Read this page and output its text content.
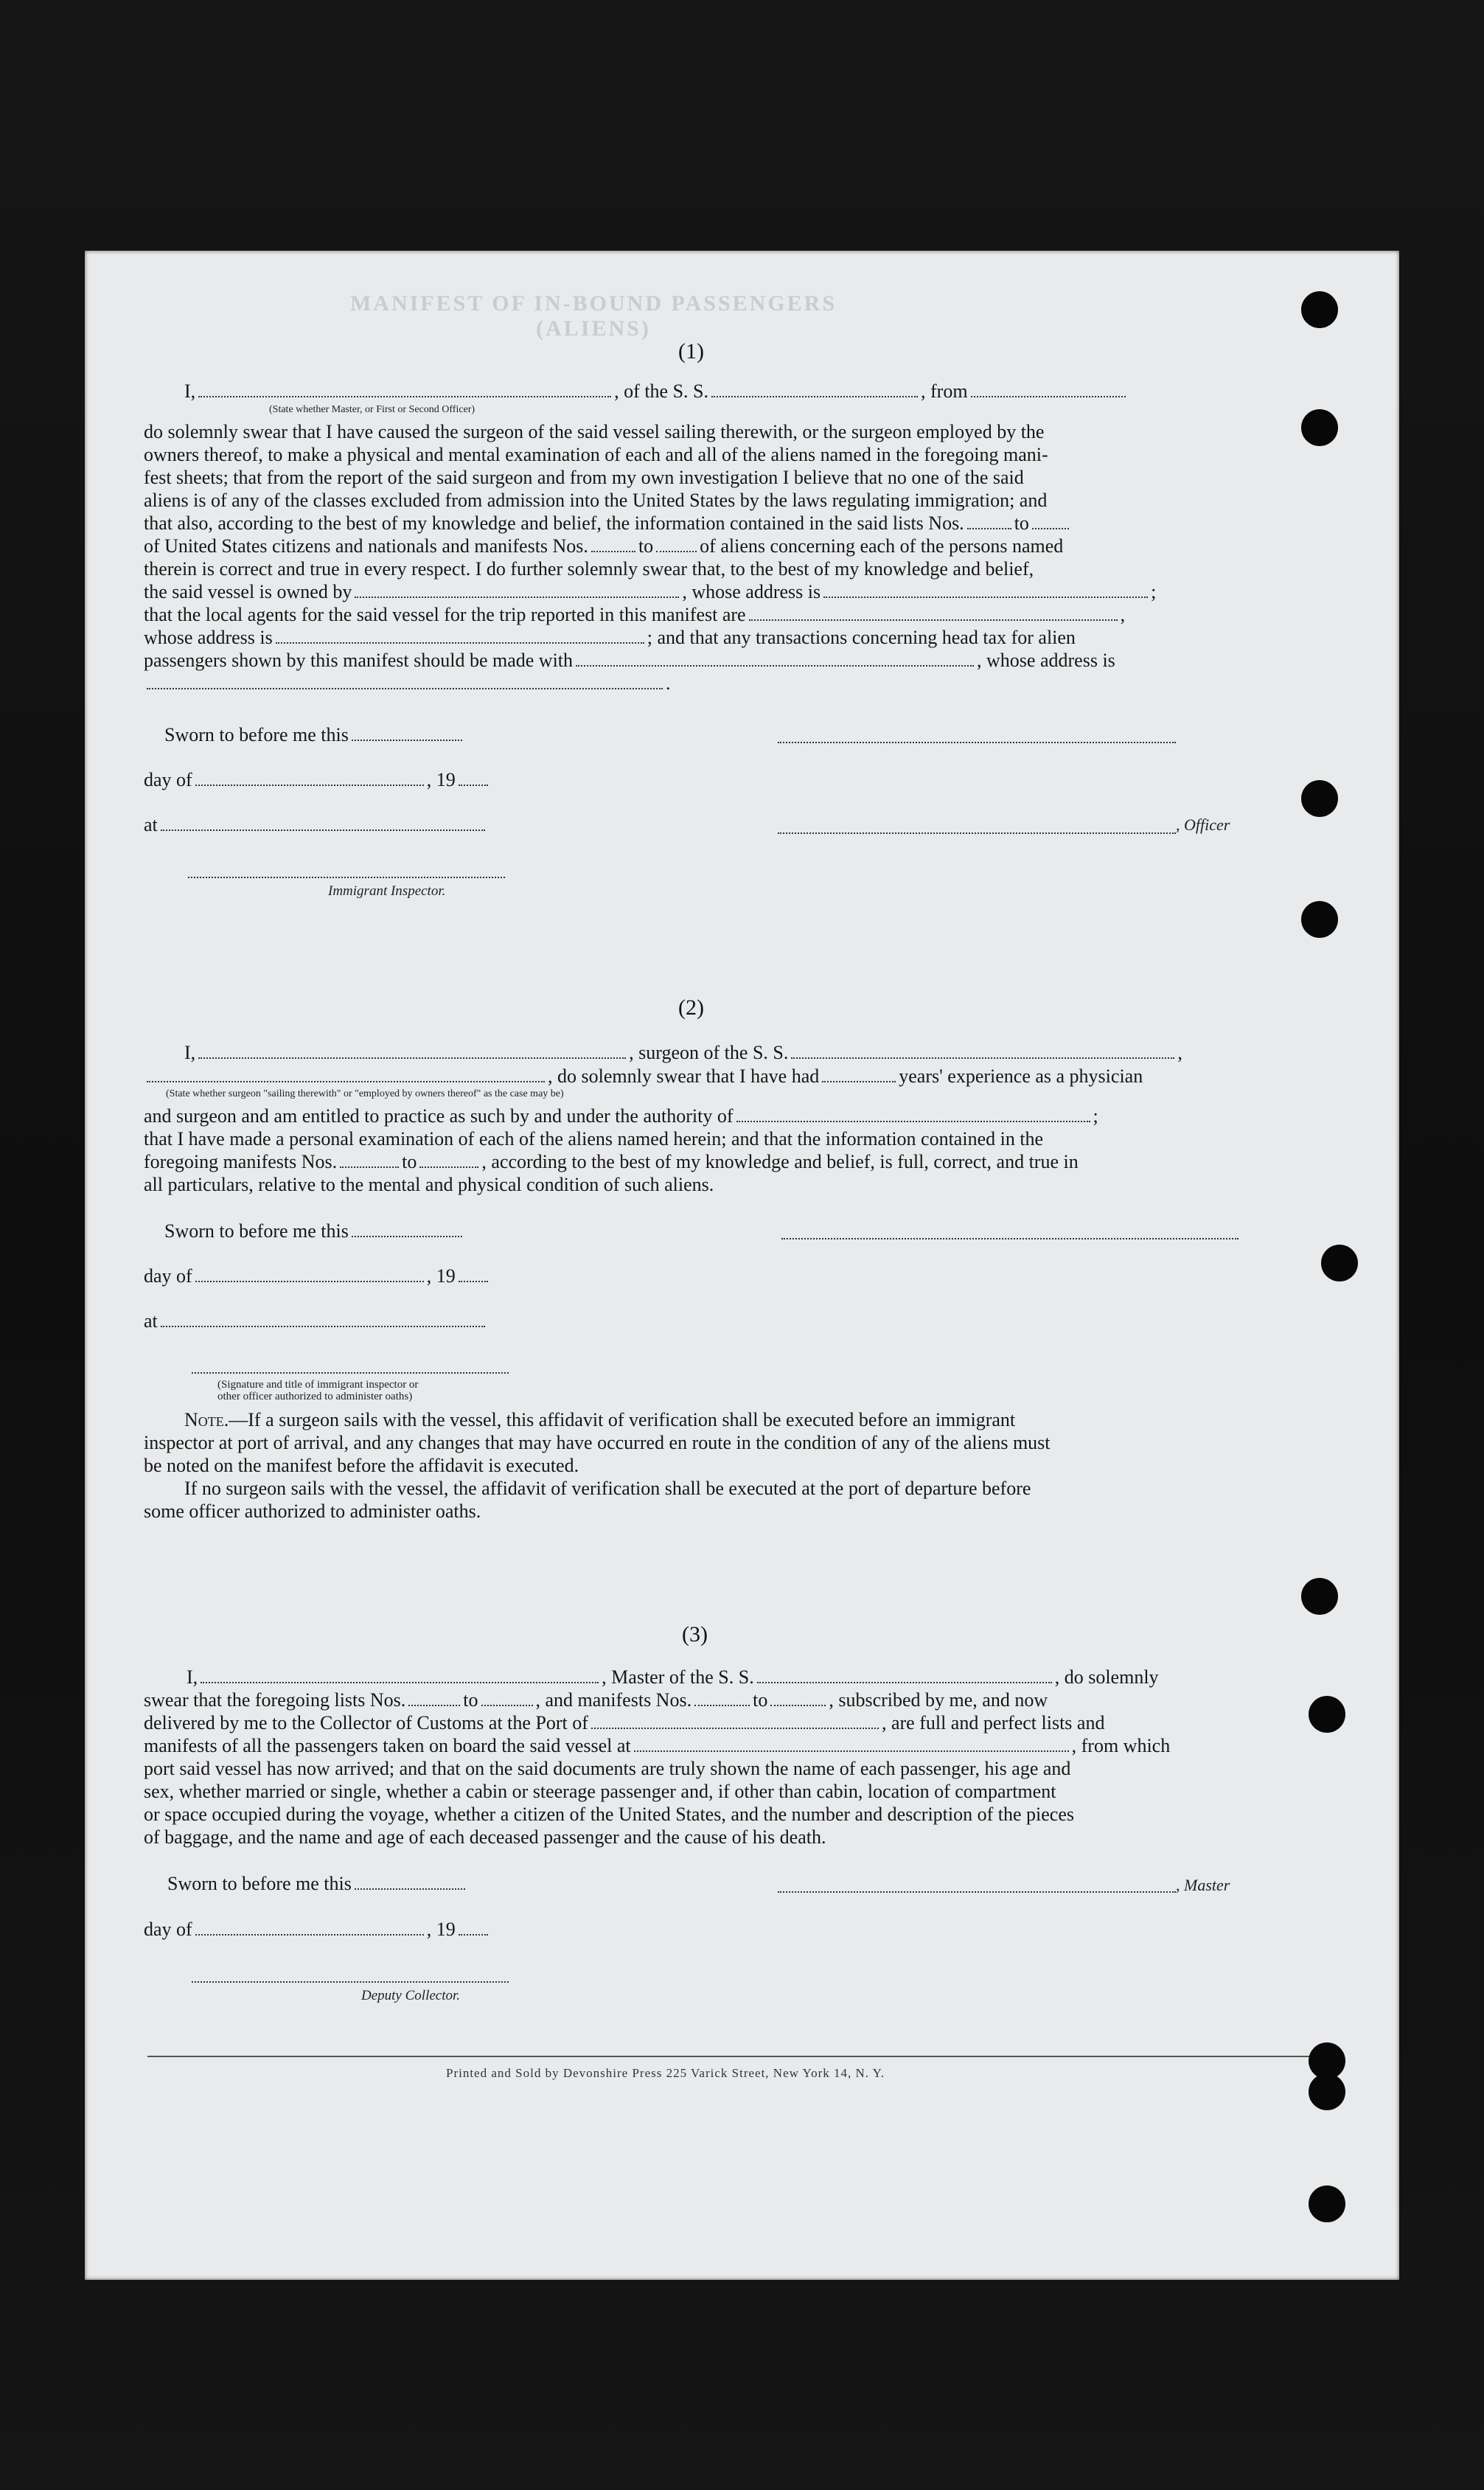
MANIFEST OF IN-BOUND PASSENGERS (ALIENS)
(1)
I,	, of the S. S.	, from
(State whether Master, or First or Second Officer)

do solemnly swear that I have caused the surgeon of the said vessel sailing therewith, or the surgeon employed by the

owners thereof, to make a physical and mental examination of each and all of the aliens named in the foregoing mani-

fest sheets; that from the report of the said surgeon and from my own investigation I believe that no one of the said

aliens is of any of the classes excluded from admission into the United States by the laws regulating immigration; and

that also, according to the best of my knowledge and belief, the information contained in the said lists Nos.	to

of United States citizens and nationals and manifests Nos.	to of aliens concerning each of the persons named

therein is correct and true in every respect. I do further solemnly swear that, to the best of my knowledge and belief,

the said vessel is owned by	, whose address is	;

that the local agents for the said vessel for the trip reported in this manifest are	,

whose address is	; and that any transactions concerning head tax for alien

passengers shown by this manifest should be made with	, whose address is

.

Sworn to before me this
day of	, 19
at	, Officer
Immigrant Inspector.
(2)
I,	, surgeon of the S. S.	,
, do solemnly swear that I have had	years' experience as a physician
(State whether surgeon "sailing therewith" or "employed by owners thereof" as the case may be)

and surgeon and am entitled to practice as such by and under the authority of	;

that I have made a personal examination of each of the aliens named herein; and that the information contained in the

foregoing manifests Nos.	to	, according to the best of my knowledge and belief, is full, correct, and true in

all particulars, relative to the mental and physical condition of such aliens.

Sworn to before me this
day of	, 19
at
(Signature and title of immigrant inspector or
other officer authorized to administer oaths)

Note.—If a surgeon sails with the vessel, this affidavit of verification shall be executed before an immigrant

inspector at port of arrival, and any changes that may have occurred en route in the condition of any of the aliens must

be noted on the manifest before the affidavit is executed.

If no surgeon sails with the vessel, the affidavit of verification shall be executed at the port of departure before

some officer authorized to administer oaths.

(3)
I,	, Master of the S. S.	, do solemnly

swear that the foregoing lists Nos.	to	, and manifests Nos.	to	, subscribed by me, and now

delivered by me to the Collector of Customs at the Port of	, are full and perfect lists and

manifests of all the passengers taken on board the said vessel at	, from which

port said vessel has now arrived; and that on the said documents are truly shown the name of each passenger, his age and

sex, whether married or single, whether a cabin or steerage passenger and, if other than cabin, location of compartment

or space occupied during the voyage, whether a citizen of the United States, and the number and description of the pieces

of baggage, and the name and age of each deceased passenger and the cause of his death.

Sworn to before me this	, Master
day of	, 19
Deputy Collector.
Printed and Sold by Devonshire Press 225 Varick Street, New York 14, N. Y.
